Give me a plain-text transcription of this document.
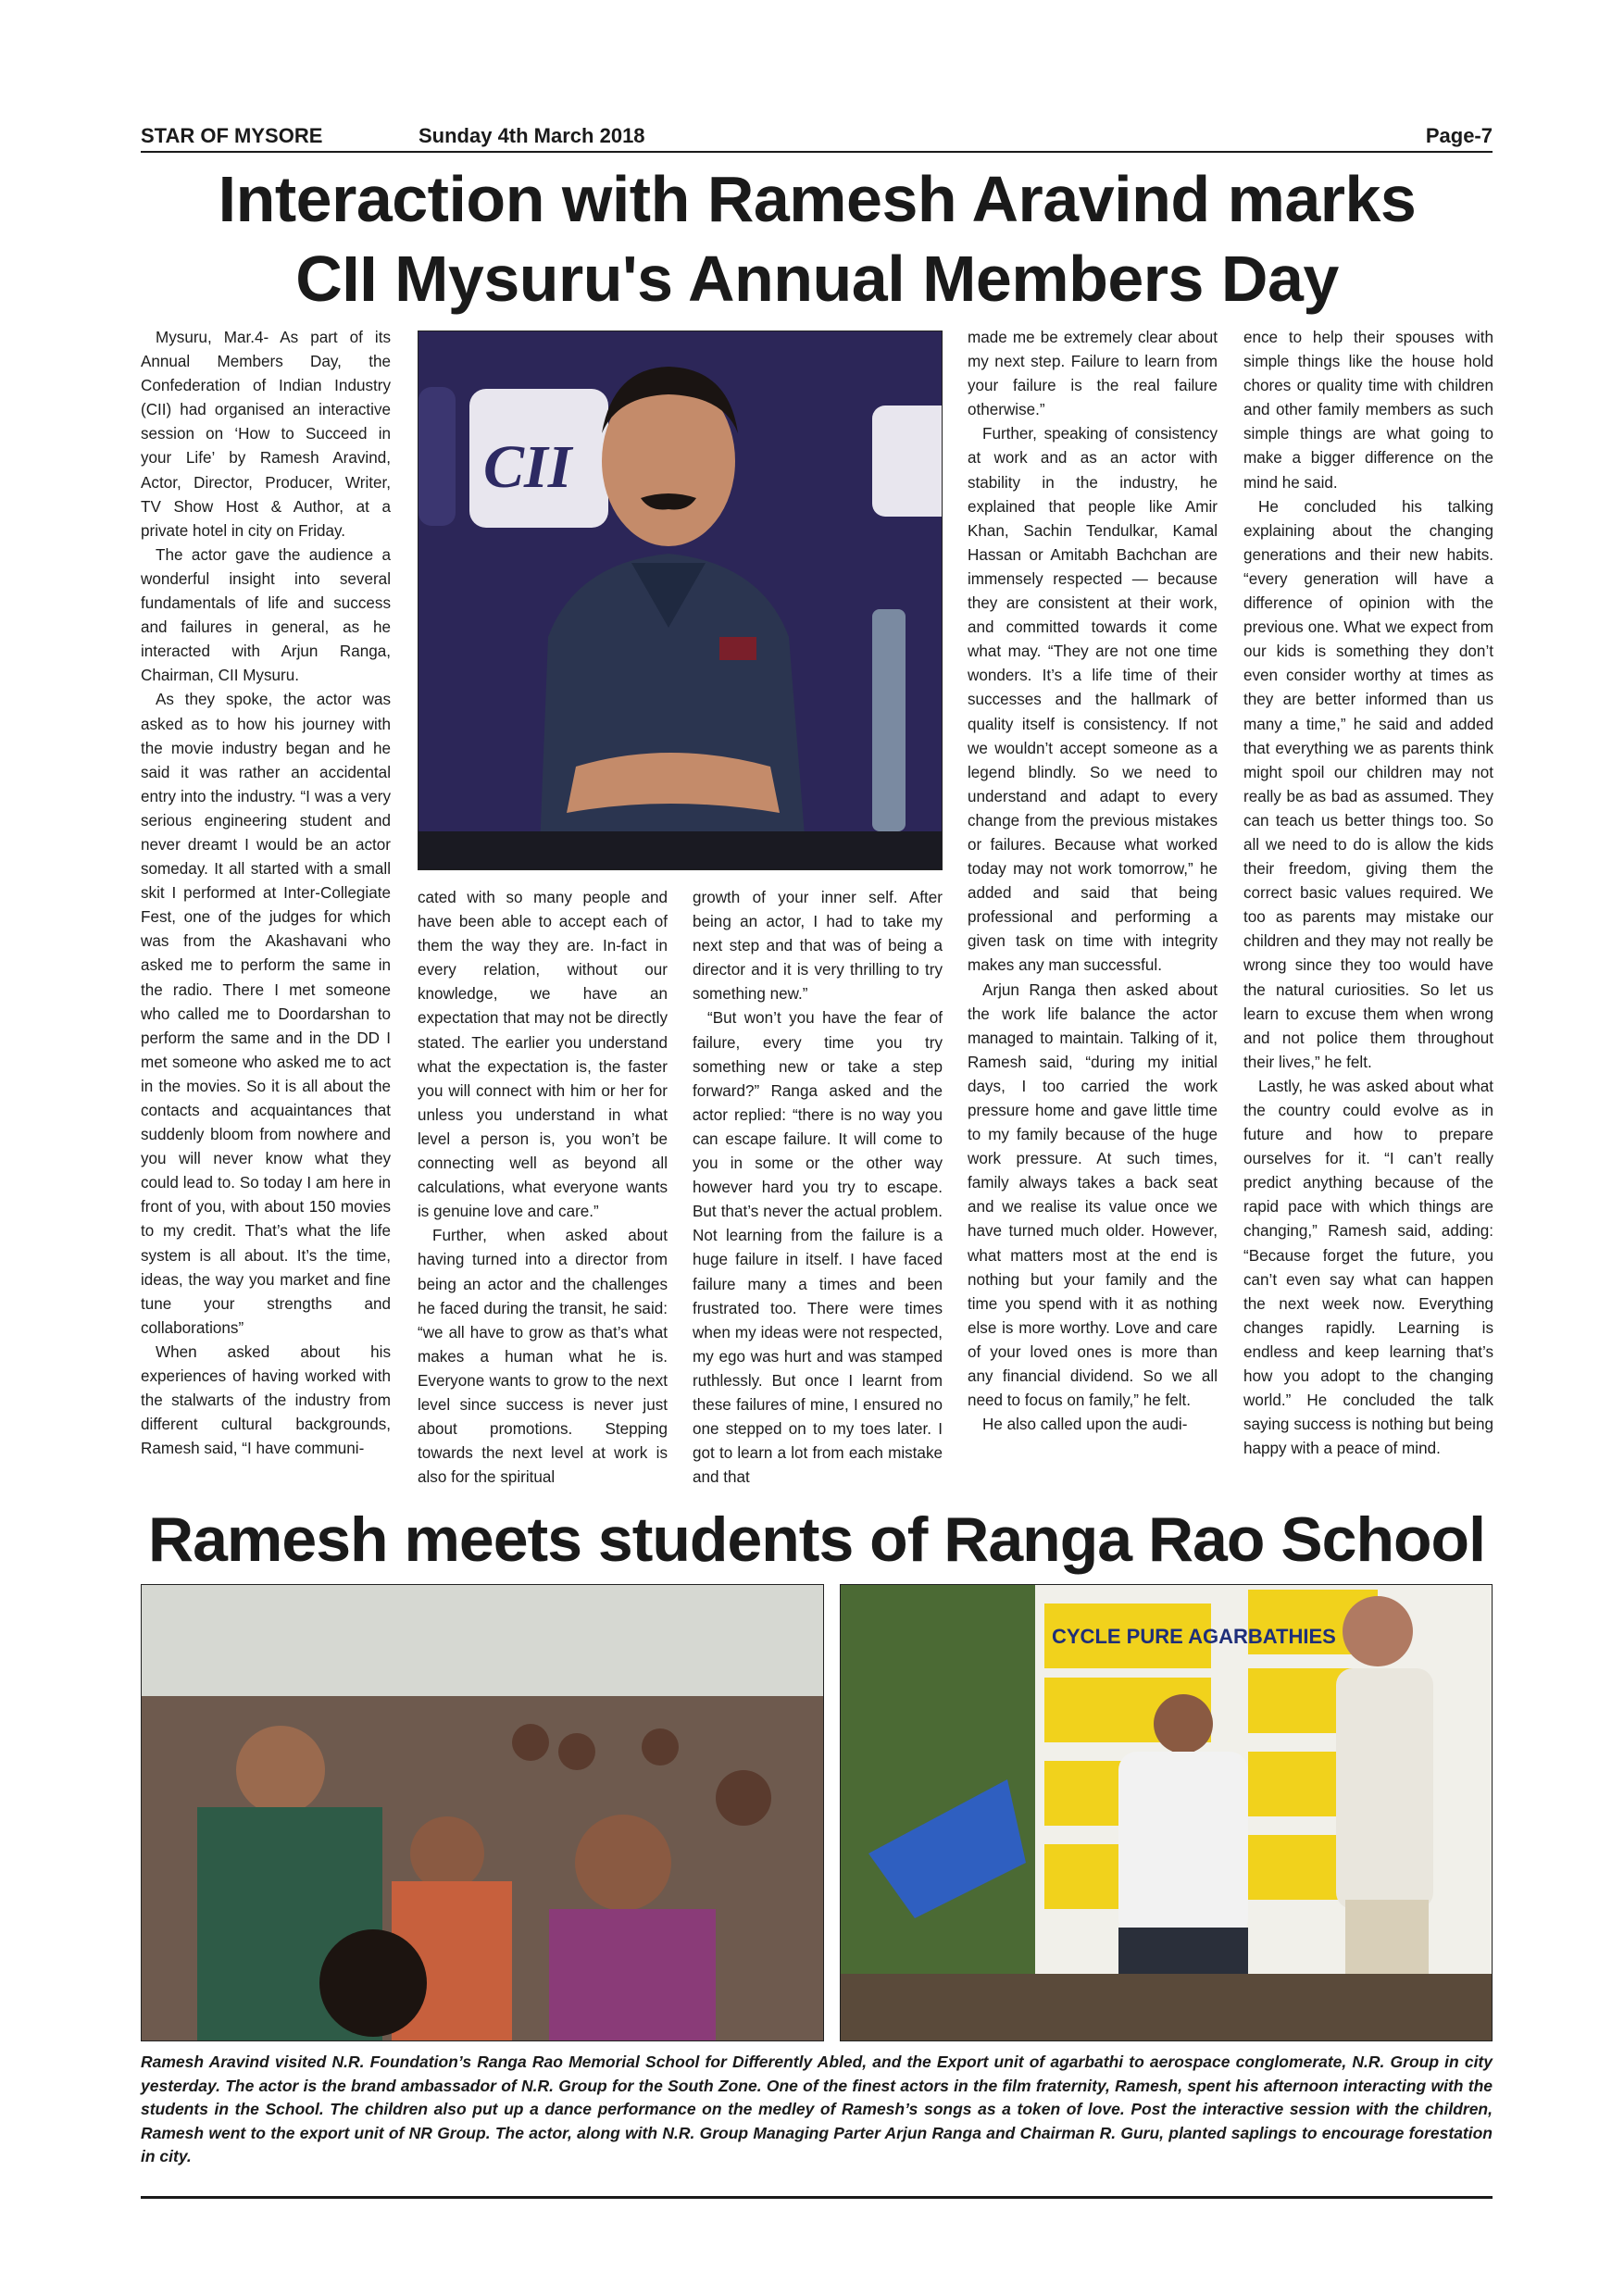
STAR OF MYSORE	Sunday 4th March 2018	Page-7
Interaction with Ramesh Aravind marks
CII Mysuru's Annual Members Day
CII

Mysuru, Mar.4- As part of its Annual Members Day, the Confederation of Indian Industry (CII) had organised an interactive session on ‘How to Succeed in your Life’ by Ramesh Aravind, Actor, Director, Producer, Writer, TV Show Host & Author, at a private hotel in city on Friday.

The actor gave the audience a wonderful insight into several fundamentals of life and success and failures in general, as he interacted with Arjun Ranga, Chairman, CII Mysuru.

As they spoke, the actor was asked as to how his journey with the movie industry began and he said it was rather an accidental entry into the industry. “I was a very serious engineering student and never dreamt I would be an actor someday. It all started with a small skit I performed at Inter-Collegiate Fest, one of the judges for which was from the Akashavani who asked me to perform the same in the radio. There I met someone who called me to Doordarshan to perform the same and in the DD I met someone who asked me to act in the movies. So it is all about the contacts and acquaintances that suddenly bloom from nowhere and you will never know what they could lead to. So today I am here in front of you, with about 150 movies to my credit. That’s what the life system is all about. It’s the time, ideas, the way you market and fine tune your strengths and collaborations”

When asked about his experiences of having worked with the stalwarts of the industry from different cultural backgrounds, Ramesh said, “I have communi-

cated with so many people and have been able to accept each of them the way they are. In-fact in every relation, without our knowledge, we have an expectation that may not be directly stated. The earlier you understand what the expectation is, the faster you will connect with him or her for unless you understand in what level a person is, you won’t be connecting well as beyond all calculations, what everyone wants is genuine love and care.”

Further, when asked about having turned into a director from being an actor and the challenges he faced during the transit, he said: “we all have to grow as that’s what makes a human what he is. Everyone wants to grow to the next level since success is never just about promotions. Stepping towards the next level at work is also for the spiritual

growth of your inner self. After being an actor, I had to take my next step and that was of being a director and it is very thrilling to try something new.”

“But won’t you have the fear of failure, every time you try something new or take a step forward?” Ranga asked and the actor replied: “there is no way you can escape failure. It will come to you in some or the other way however hard you try to escape. But that’s never the actual problem. Not learning from the failure is a huge failure in itself. I have faced failure many a times and been frustrated too. There were times when my ideas were not respected, my ego was hurt and was stamped ruthlessly. But once I learnt from these failures of mine, I ensured no one stepped on to my toes later. I got to learn a lot from each mistake and that

made me be extremely clear about my next step. Failure to learn from your failure is the real failure otherwise.”

Further, speaking of consistency at work and as an actor with stability in the industry, he explained that people like Amir Khan, Sachin Tendulkar, Kamal Hassan or Amitabh Bachchan are immensely respected — because they are consistent at their work, and committed towards it come what may. “They are not one time wonders. It’s a life time of their successes and the hallmark of quality itself is consistency. If not we wouldn’t accept someone as a legend blindly. So we need to understand and adapt to every change from the previous mistakes or failures. Because what worked today may not work tomorrow,” he added and said that being professional and performing a given task on time with integrity makes any man successful.

Arjun Ranga then asked about the work life balance the actor managed to maintain. Talking of it, Ramesh said, “during my initial days, I too carried the work pressure home and gave little time to my family because of the huge work pressure. At such times, family always takes a back seat and we realise its value once we have turned much older. However, what matters most at the end is nothing but your family and the time you spend with it as nothing else is more worthy. Love and care of your loved ones is more than any financial dividend. So we all need to focus on family,” he felt.

He also called upon the audi-

ence to help their spouses with simple things like the house hold chores or quality time with children and other family members as such simple things are what going to make a bigger difference on the mind he said.

He concluded his talking explaining about the changing generations and their new habits. “every generation will have a difference of opinion with the previous one. What we expect from our kids is something they don’t even consider worthy at times as they are better informed than us many a time,” he said and added that everything we as parents think might spoil our children may not really be as bad as assumed. They can teach us better things too. So all we need to do is allow the kids their freedom, giving them the correct basic values required. We too as parents may mistake our children and they may not really be wrong since they too would have the natural curiosities. So let us learn to excuse them when wrong and not police them throughout their lives,” he felt.

Lastly, he was asked about what the country could evolve as in future and how to prepare ourselves for it. “I can’t really predict anything because of the rapid pace with which things are changing,” Ramesh said, adding: “Because forget the future, you can’t even say what can happen the next week now. Everything changes rapidly. Learning is endless and keep learning that’s how you adopt to the changing world.” He concluded the talk saying success is nothing but being happy with a peace of mind.

Ramesh meets students of Ranga Rao School
CYCLE PURE AGARBATHIES

Ramesh Aravind visited N.R. Foundation’s Ranga Rao Memorial School for Differently Abled, and the Export unit of agarbathi to aerospace conglomerate, N.R. Group in city yesterday. The actor is the brand ambassador of N.R. Group for the South Zone. One of the finest actors in the film fraternity, Ramesh, spent his afternoon interacting with the students in the School. The children also put up a dance performance on the medley of Ramesh’s songs as a token of love. Post the interactive session with the children, Ramesh went to the export unit of NR Group. The actor, along with N.R. Group Managing Parter Arjun Ranga and Chairman R. Guru, planted saplings to encourage forestation in city.
